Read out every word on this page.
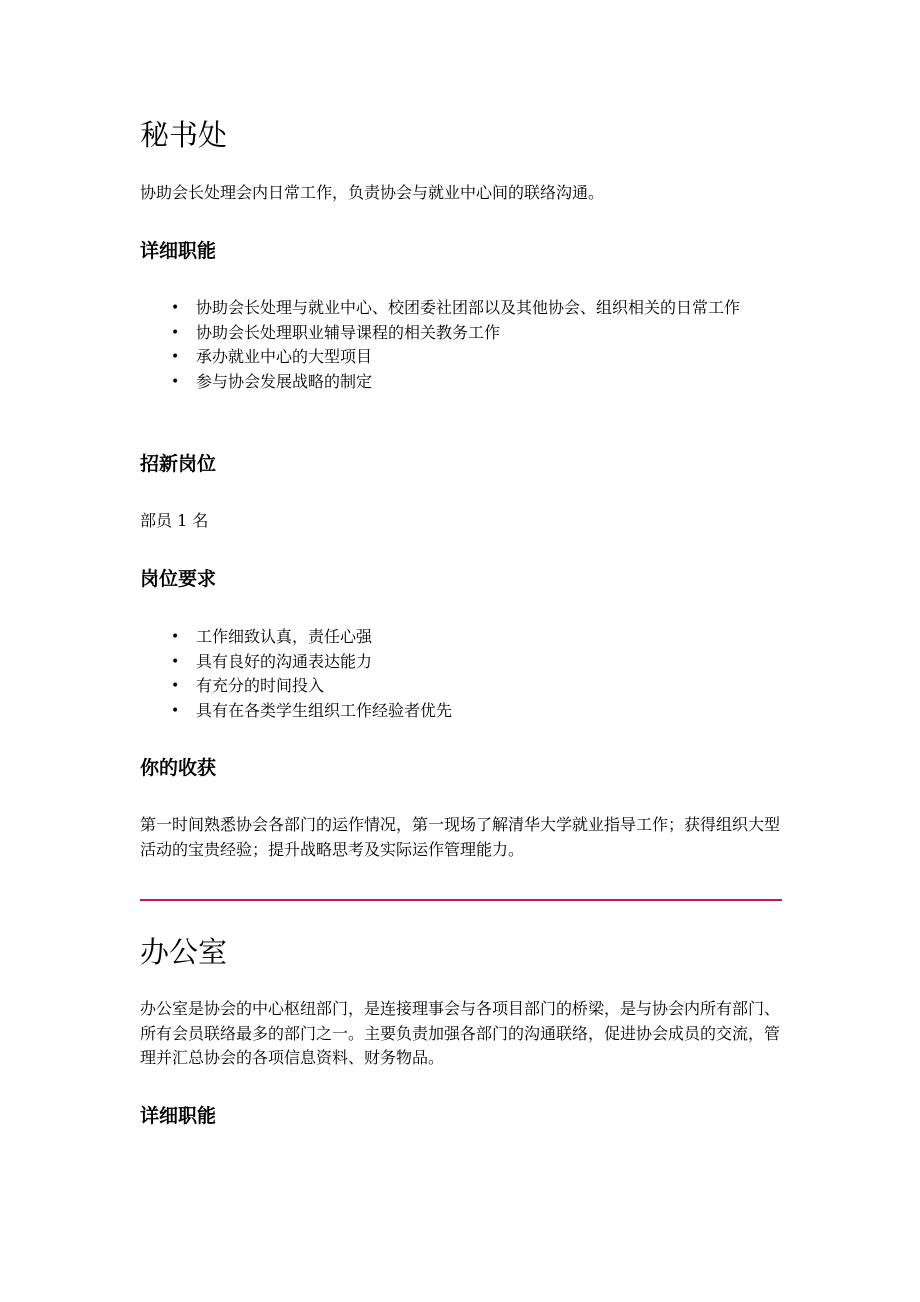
秘书处

协助会长处理会内日常工作，负责协会与就业中心间的联络沟通。

详细职能
• 协助会长处理与就业中心、校团委社团部以及其他协会、组织相关的日常工作
• 协助会长处理职业辅导课程的相关教务工作
• 承办就业中心的大型项目
• 参与协会发展战略的制定
招新岗位

部员 1 名

岗位要求
• 工作细致认真，责任心强
• 具有良好的沟通表达能力
• 有充分的时间投入
• 具有在各类学生组织工作经验者优先
你的收获

第一时间熟悉协会各部门的运作情况，第一现场了解清华大学就业指导工作；获得组织大型活动的宝贵经验；提升战略思考及实际运作管理能力。

办公室

办公室是协会的中心枢纽部门，是连接理事会与各项目部门的桥梁，是与协会内所有部门、所有会员联络最多的部门之一。主要负责加强各部门的沟通联络，促进协会成员的交流，管理并汇总协会的各项信息资料、财务物品。

详细职能
